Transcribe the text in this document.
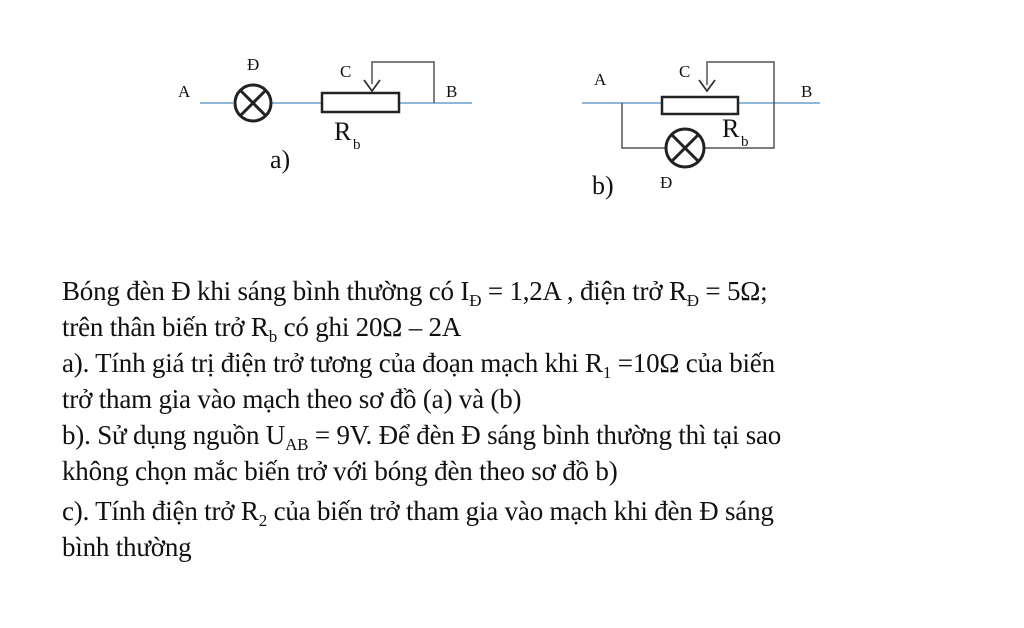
A	B
Đ	C
R b
a)
A
B
C
R b
Đ
b)

Bóng đèn Đ khi sáng bình thường có $I_Đ = 1,2A$ , điện trở $R_Đ = 5\Omega$;

trên thân biến trở $R_b$ có ghi 20Ω – 2A

a). Tính giá trị điện trở tương của đoạn mạch khi $R_1 =10\Omega$ của biến

trở tham gia vào mạch theo sơ đồ (a) và (b)

b). Sử dụng nguồn $U_{AB} = 9V$. Để đèn Đ sáng bình thường thì tại sao

không chọn mắc biến trở với bóng đèn theo sơ đồ b)

c). Tính điện trở $R_2$ của biến trở tham gia vào mạch khi đèn Đ sáng

bình thường
